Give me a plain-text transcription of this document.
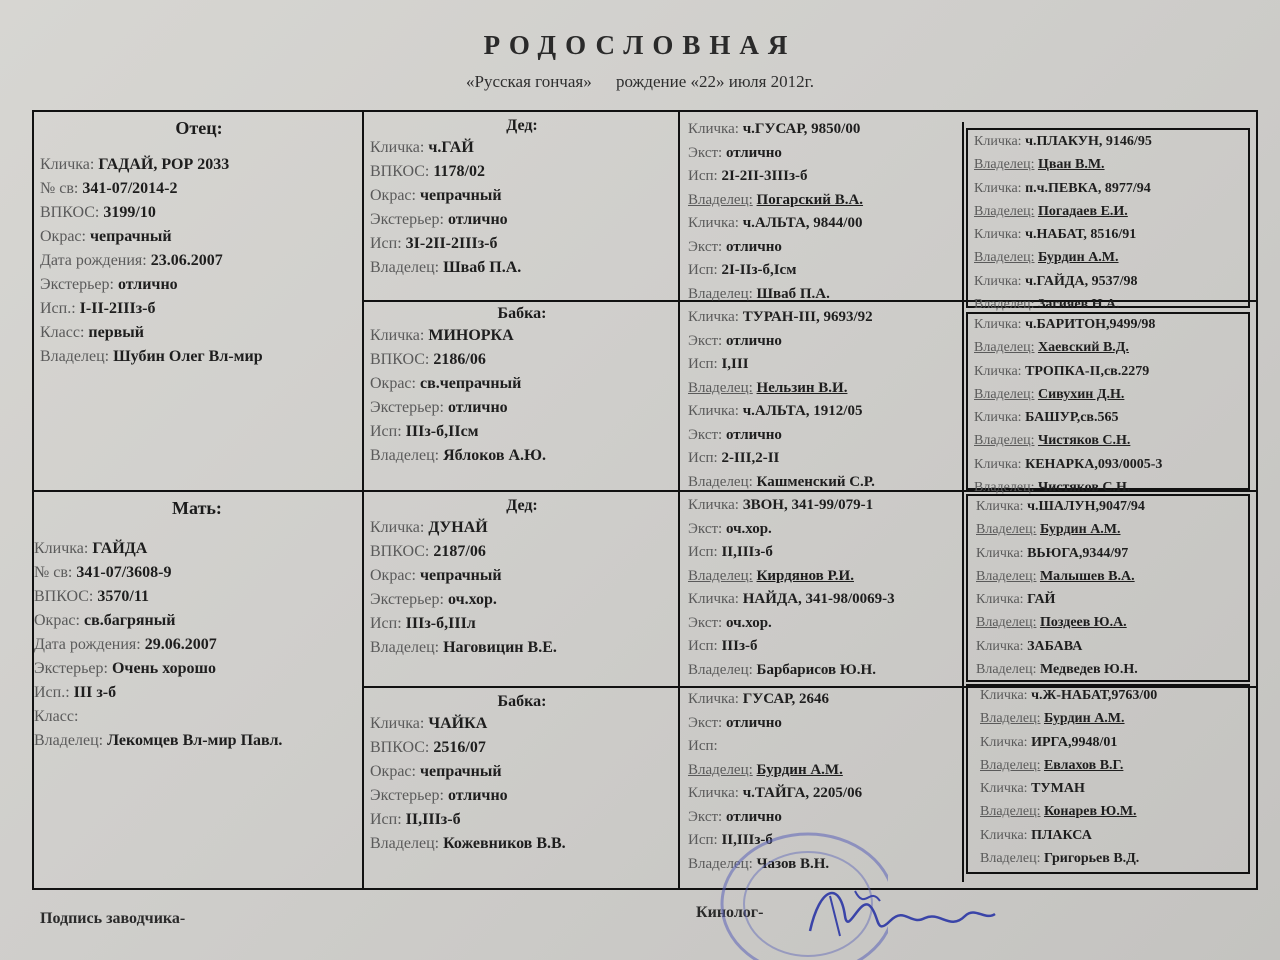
РОДОСЛОВНАЯ
«Русская гончая» рождение «22» июля 2012г.
Отец:
Кличка: ГАДАЙ, РОР 2033
№ св: 341-07/2014-2
ВПКОС: 3199/10
Окрас: чепрачный
Дата рождения: 23.06.2007
Экстерьер: отлично
Исп.: I-II-2IIIз-б
Класс: первый
Владелец: Шубин Олег Вл-мир
Мать:
Кличка: ГАЙДА
№ св: 341-07/3608-9
ВПКОС: 3570/11
Окрас: св.багряный
Дата рождения: 29.06.2007
Экстерьер: Очень хорошо
Исп.: III з-б
Класс:
Владелец: Лекомцев Вл-мир Павл.
Дед:
Кличка: ч.ГАЙ
ВПКОС: 1178/02
Окрас: чепрачный
Экстерьер: отлично
Исп: 3I-2II-2IIIз-б
Владелец: Шваб П.А.
Бабка:
Кличка: МИНОРКА
ВПКОС: 2186/06
Окрас: св.чепрачный
Экстерьер: отлично
Исп: IIIз-б,IIсм
Владелец: Яблоков А.Ю.
Дед:
Кличка: ДУНАЙ
ВПКОС: 2187/06
Окрас: чепрачный
Экстерьер: оч.хор.
Исп: IIIз-б,IIIл
Владелец: Наговицин В.Е.
Бабка:
Кличка: ЧАЙКА
ВПКОС: 2516/07
Окрас: чепрачный
Экстерьер: отлично
Исп: II,IIIз-б
Владелец: Кожевников В.В.
Кличка: ч.ГУСАР, 9850/00
Экст: отлично
Исп: 2I-2II-3IIIз-б
Владелец: Погарский В.А.
Кличка: ч.АЛЬТА, 9844/00
Экст: отлично
Исп: 2I-IIз-б,Iсм
Владелец: Шваб П.А.
Кличка: ТУРАН-III, 9693/92
Экст: отлично
Исп: I,III
Владелец: Нельзин В.И.
Кличка: ч.АЛЬТА, 1912/05
Экст: отлично
Исп: 2-III,2-II
Владелец: Кашменский С.Р.
Кличка: ЗВОН, 341-99/079-1
Экст: оч.хор.
Исп: II,IIIз-б
Владелец: Кирдянов Р.И.
Кличка: НАЙДА, 341-98/0069-3
Экст: оч.хор.
Исп: IIIз-б
Владелец: Барбарисов Ю.Н.
Кличка: ГУСАР, 2646
Экст: отлично
Исп:
Владелец: Бурдин А.М.
Кличка: ч.ТАЙГА, 2205/06
Экст: отлично
Исп: II,IIIз-б
Владелец: Чазов В.Н.
Кличка: ч.ПЛАКУН, 9146/95
Владелец: Цван В.М.
Кличка: п.ч.ПЕВКА, 8977/94
Владелец: Погадаев Е.И.
Кличка: ч.НАБАТ, 8516/91
Владелец: Бурдин А.М.
Кличка: ч.ГАЙДА, 9537/98
Владелец: Загияев Н.А.
Кличка: ч.БАРИТОН,9499/98
Владелец: Хаевский В.Д.
Кличка: ТРОПКА-II,св.2279
Владелец: Сивухин Д.Н.
Кличка: БАШУР,св.565
Владелец: Чистяков С.Н.
Кличка: КЕНАРКА,093/0005-3
Владелец: Чистяков С.Н.
Кличка: ч.ШАЛУН,9047/94
Владелец: Бурдин А.М.
Кличка: ВЬЮГА,9344/97
Владелец: Малышев В.А.
Кличка: ГАЙ
Владелец: Поздеев Ю.А.
Кличка: ЗАБАВА
Владелец: Медведев Ю.Н.
Кличка: ч.Ж-НАБАТ,9763/00
Владелец: Бурдин А.М.
Кличка: ИРГА,9948/01
Владелец: Евлахов В.Г.
Кличка: ТУМАН
Владелец: Конарев Ю.М.
Кличка: ПЛАКСА
Владелец: Григорьев В.Д.
Подпись заводчика-	Кинолог-
